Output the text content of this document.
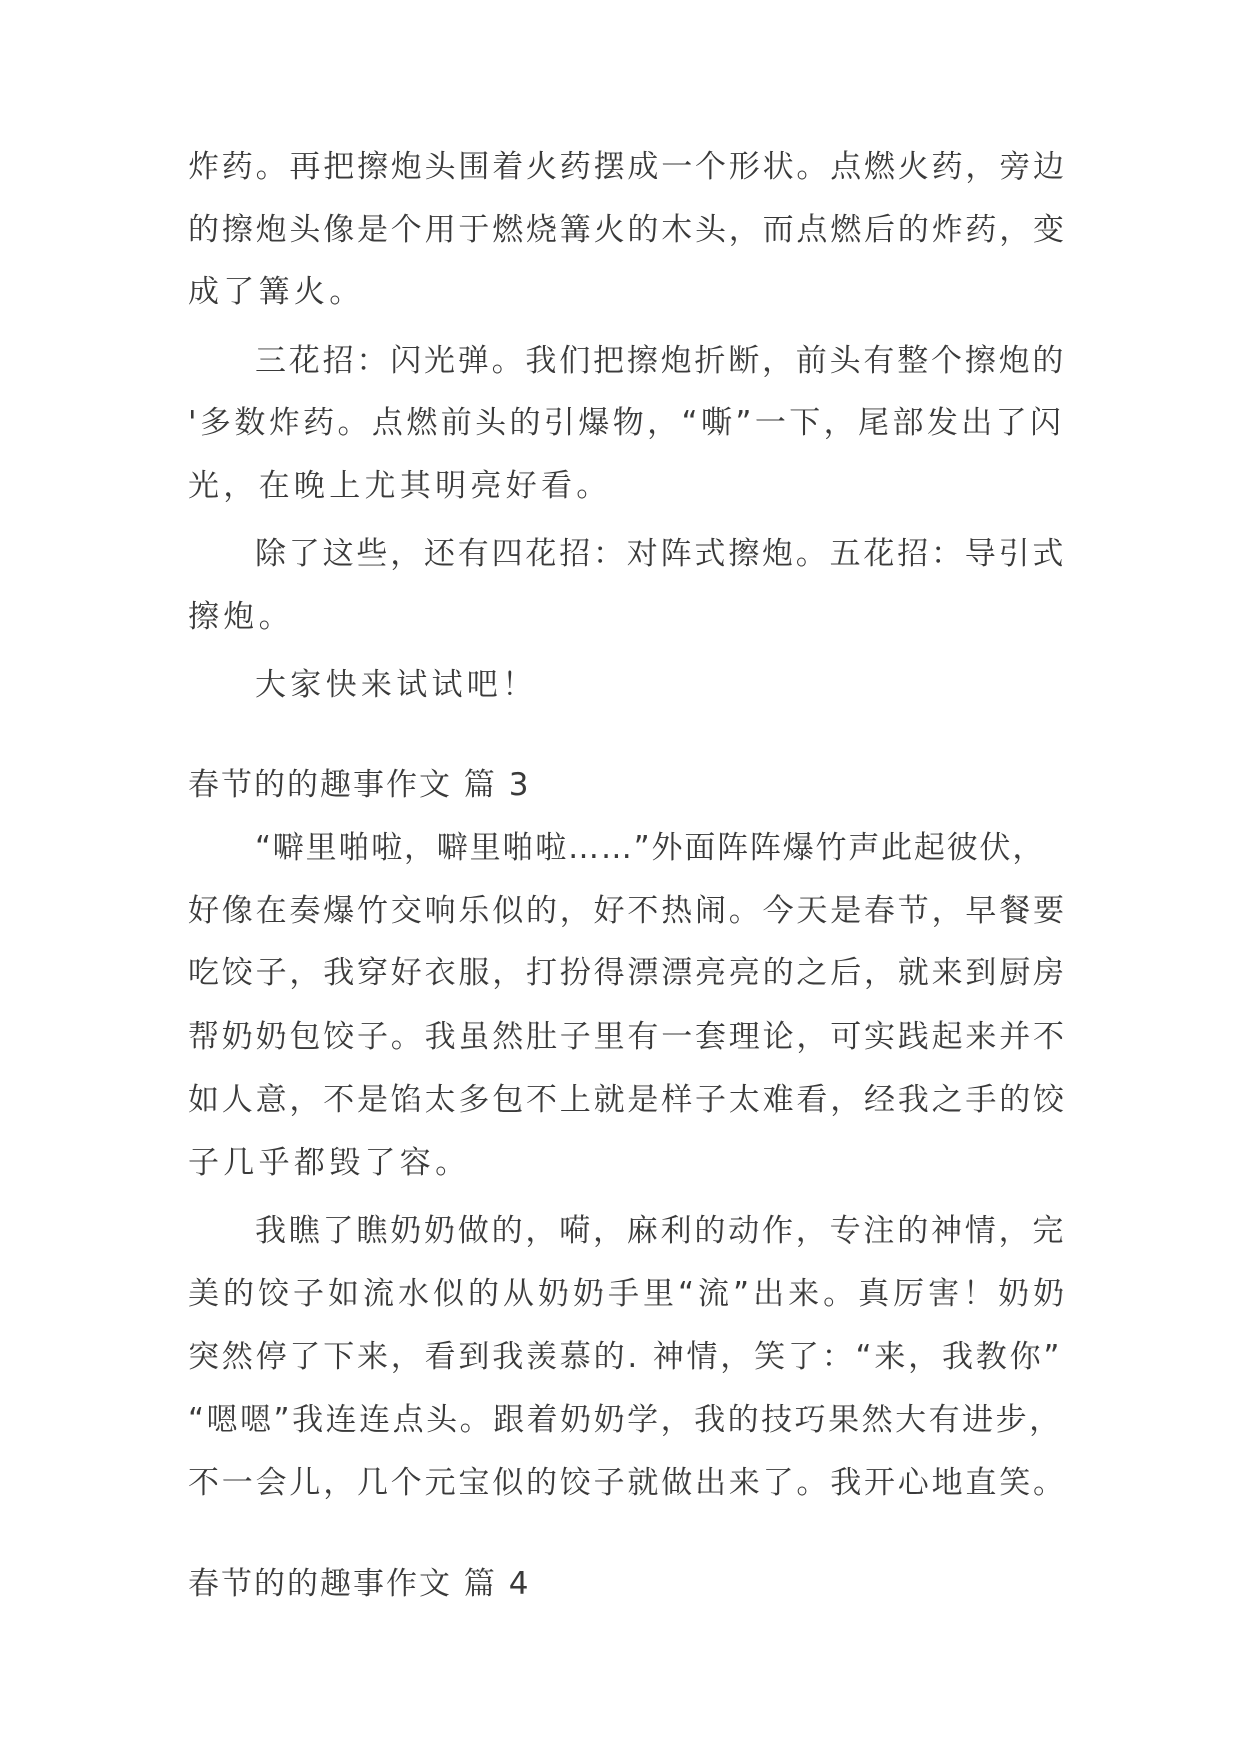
炸药。再把擦炮头围着火药摆成一个形状。点燃火药，旁边
的擦炮头像是个用于燃烧篝火的木头，而点燃后的炸药，变
成了篝火。
三花招：闪光弹。我们把擦炮折断，前头有整个擦炮的
'多数炸药。点燃前头的引爆物，“嘶”一下，尾部发出了闪
光，在晚上尤其明亮好看。
除了这些，还有四花招：对阵式擦炮。五花招：导引式
擦炮。
大家快来试试吧！
春节的的趣事作文 篇 3
“噼里啪啦，噼里啪啦……”外面阵阵爆竹声此起彼伏，
好像在奏爆竹交响乐似的，好不热闹。今天是春节，早餐要
吃饺子，我穿好衣服，打扮得漂漂亮亮的之后，就来到厨房
帮奶奶包饺子。我虽然肚子里有一套理论，可实践起来并不
如人意，不是馅太多包不上就是样子太难看，经我之手的饺
子几乎都毁了容。
我瞧了瞧奶奶做的，嗬，麻利的动作，专注的神情，完
美的饺子如流水似的从奶奶手里“流”出来。真厉害！奶奶
突然停了下来，看到我羡慕的. 神情，笑了：“来，我教你”
“嗯嗯”我连连点头。跟着奶奶学，我的技巧果然大有进步，
不一会儿，几个元宝似的饺子就做出来了。我开心地直笑。
春节的的趣事作文 篇 4
